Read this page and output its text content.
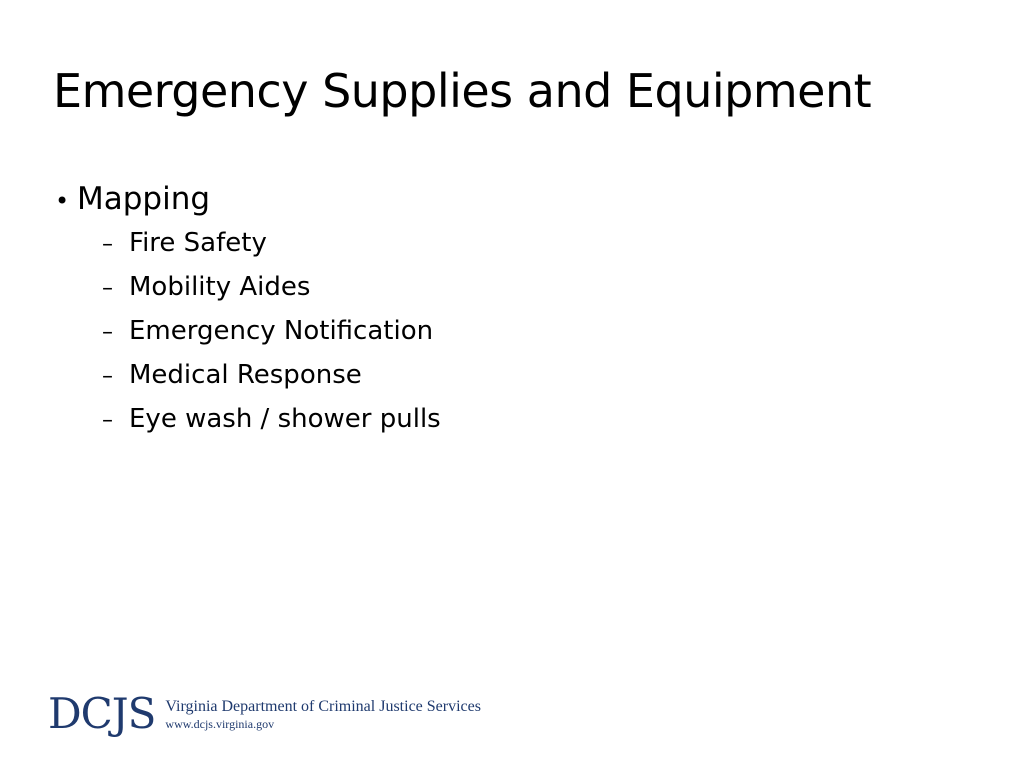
Emergency Supplies and Equipment
• Mapping
– Fire Safety
– Mobility Aides
– Emergency Notification
– Medical Response
– Eye wash / shower pulls
DCJS Virginia Department of Criminal Justice Services
www.dcjs.virginia.gov
